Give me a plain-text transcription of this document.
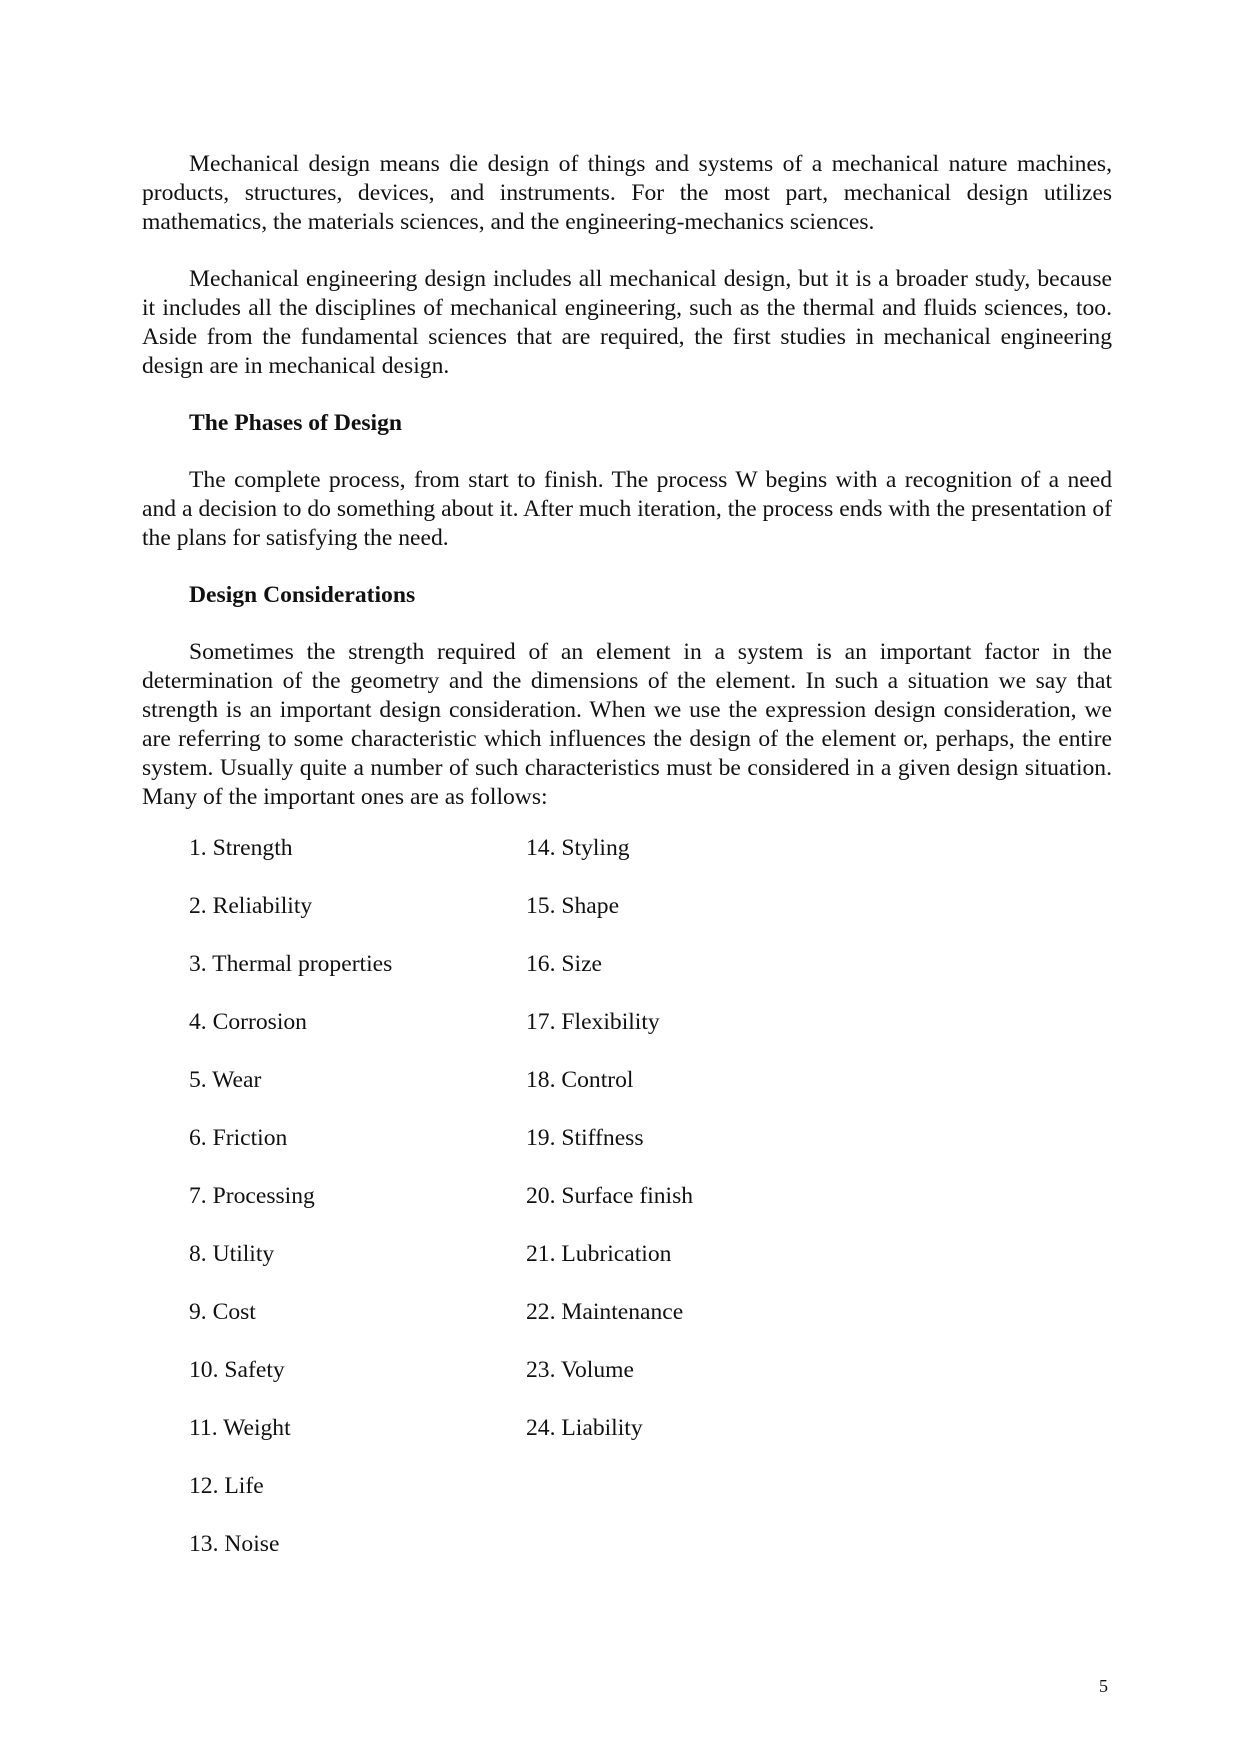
Mechanical design means die design of things and systems of a mechanical nature machines, products, structures, devices, and instruments. For the most part, mechanical design utilizes mathematics, the materials sciences, and the engineering-mechanics sciences.

Mechanical engineering design includes all mechanical design, but it is a broader study, because it includes all the disciplines of mechanical engineering, such as the thermal and fluids sciences, too. Aside from the fundamental sciences that are required, the first studies in mechanical engineering design are in mechanical design.

The Phases of Design

The complete process, from start to finish. The process W begins with a recognition of a need and a decision to do something about it. After much iteration, the process ends with the presentation of the plans for satisfying the need.

Design Considerations

Sometimes the strength required of an element in a system is an important factor in the determination of the geometry and the dimensions of the element. In such a situation we say that strength is an important design consideration. When we use the expression design consideration, we are referring to some characteristic which influences the design of the element or, perhaps, the entire system. Usually quite a number of such characteristics must be considered in a given design situation. Many of the important ones are as follows:

1. Strength
2. Reliability
3. Thermal properties
4. Corrosion
5. Wear
6. Friction
7. Processing
8. Utility
9. Cost
10. Safety
11. Weight
12. Life
13. Noise
14. Styling
15. Shape
16. Size
17. Flexibility
18. Control
19. Stiffness
20. Surface finish
21. Lubrication
22. Maintenance
23. Volume
24. Liability
5
